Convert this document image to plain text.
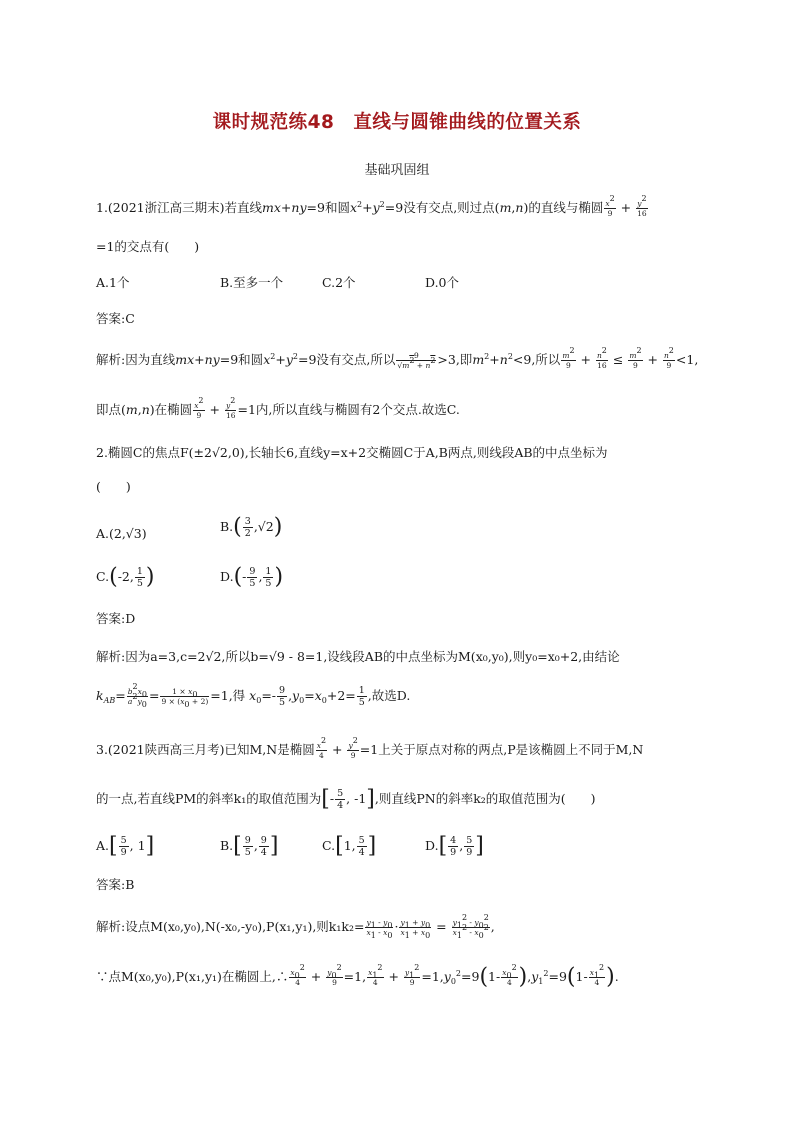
课时规范练48　直线与圆锥曲线的位置关系
基础巩固组
1.(2021浙江高三期末)若直线mx+ny=9和圆$x^2+y^2=9$没有交点,则过点(m,n)的直线与椭圆 $\frac{x^2}{9} + \frac{y^2}{16}$
=1的交点有(　　)
A.1个	B.至多一个	C.2个	D.0个
答案:C
解析:因为直线mx+ny=9和圆$x^2+y^2=9$没有交点,所以 $\frac{9}{√m^2 + n^2} >3$,即$m^2+n^2<9$,所以 $\frac{m^2}{9} + \frac{n^2}{16} \le \frac{m^2}{9} + \frac{n^2}{9} <1$,
即点(m,n)在椭圆 $\frac{x^2}{9} + \frac{y^2}{16} =1$内,所以直线与椭圆有2个交点.故选C.
2.椭圆C的焦点F(±2√2,0),长轴长6,直线y=x+2交椭圆C于A,B两点,则线段AB的中点坐标为
(　　)
A.(2,√3)	$B.( \frac{3}{2} ,√2)$
C.(-2, $\frac{1}{5}$ )	$D.(- \frac{9}{5}$ , $\frac{1}{5}$ )
答案:D
解析:因为a=3,c=2√2,所以b=√9 - 8=1,设线段AB的中点坐标为M(x₀,y₀),则y₀=x₀+2,由结论
$k_{AB}= \frac{b^2x_0}{a^2y_0} = \frac{1 \times x_0}{9 \times (x_0 + 2)} =1$,得 $x_0=- \frac{9}{5} ,y_0=x_0+2= \frac{1}{5}$ ,故选D.
3.(2021陕西高三月考)已知M,N是椭圆 $\frac{x^2}{4} + \frac{y^2}{9} =1$上关于原点对称的两点,P是该椭圆上不同于M,N
的一点,若直线PM的斜率k₁的取值范围为[- $\frac{5}{4}$ , -1],则直线PN的斜率k₂的取值范围为(　　)
$A.[ \frac{5}{9}$ , 1]	$B.[ \frac{9}{5}$ , $\frac{9}{4}$ ]	C.[1, $\frac{5}{4}$ ]	$D.[ \frac{4}{9}$ , $\frac{5}{9}$ ]
答案:B
解析:设点M(x₀,y₀),N(-x₀,-y₀),P(x₁,y₁),则$k_1k_2= \frac{y_1 - y_0}{x_1 - x_0} \cdot \frac{y_1 + y_0}{x_1 + x_0} = \frac{y_1^2 - y_0^2}{x_1^2 - x_0^2}$ ,
∵点M(x₀,y₀),P(x₁,y₁)在椭圆上,∴ $\frac{x_0^2}{4} + \frac{y_0^2}{9} =1$, $\frac{x_1^2}{4} + \frac{y_1^2}{9} =1,y_0^2=9(1- \frac{x_0^2}{4} ),y_1^2=9(1- \frac{x_1^2}{4}$ ).
